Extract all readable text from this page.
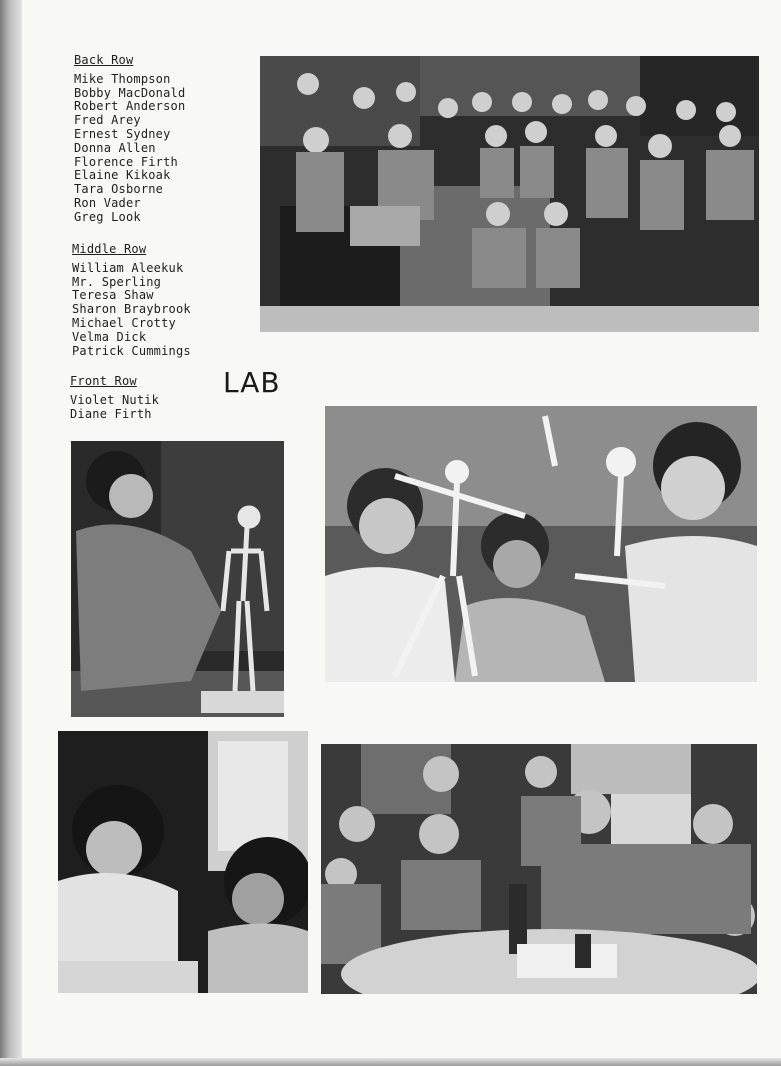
Back Row
Mike Thompson
Bobby MacDonald
Robert Anderson
Fred Arey
Ernest Sydney
Donna Allen
Florence Firth
Elaine Kikoak
Tara Osborne
Ron Vader
Greg Look
Middle Row
William Aleekuk
Mr. Sperling
Teresa Shaw
Sharon Braybrook
Michael Crotty
Velma Dick
Patrick Cummings
Front Row
Violet Nutik
Diane Firth
LAB
